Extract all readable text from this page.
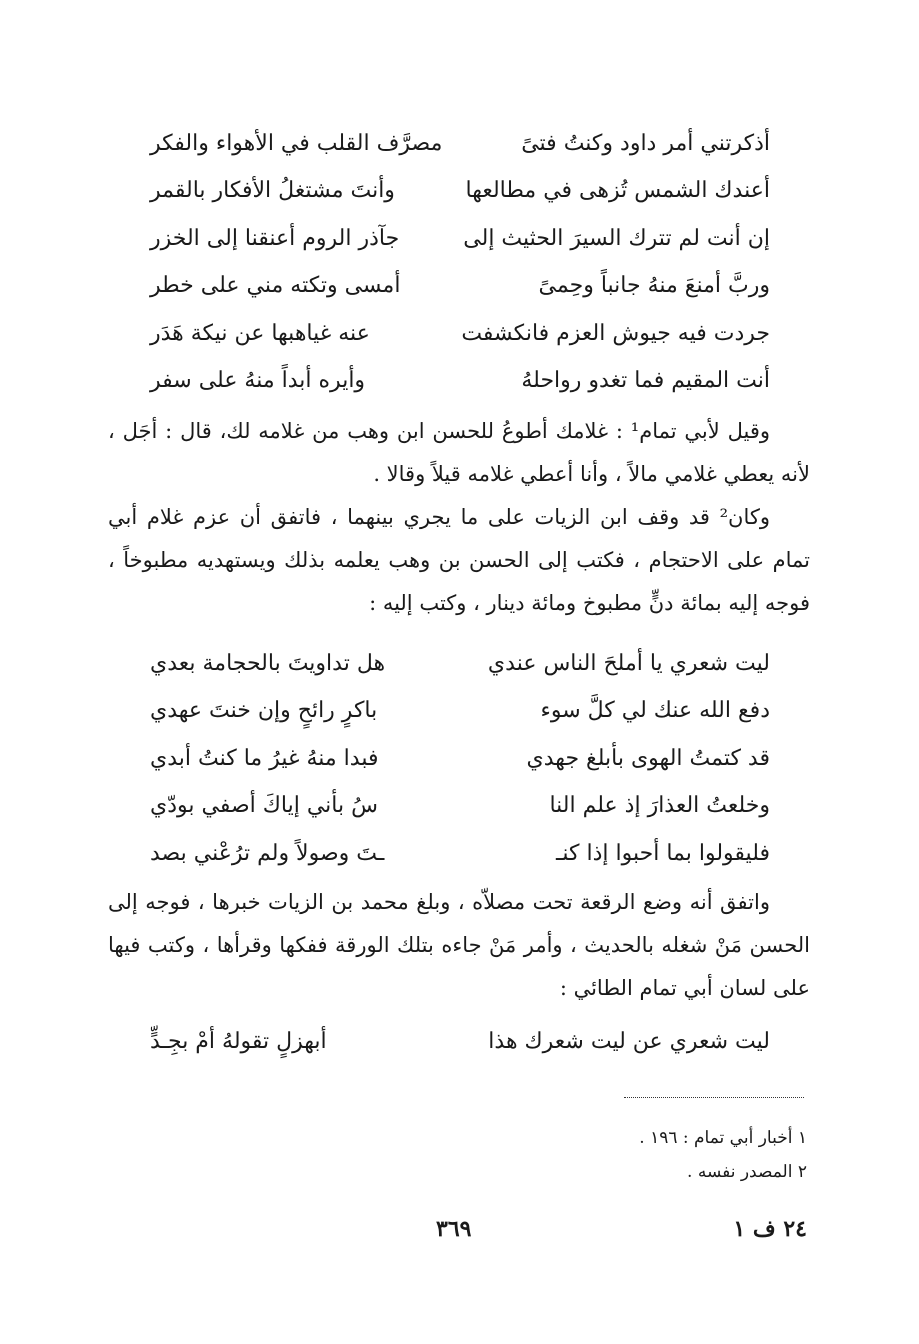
أذكرتني أمر داود وكنتُ فتىً
مصرَّف القلب في الأهواء والفكر
أعندك الشمس تُزهى في مطالعها
وأنتَ مشتغلُ الأفكار بالقمر
إن أنت لم تترك السيرَ الحثيث إلى
جآذر الروم أعنقنا إلى الخزر
وربَّ أمنعَ منهُ جانباً وحِمىً
أمسى وتكته مني على خطر
جردت فيه جيوش العزم فانكشفت
عنه غياهبها عن نيكة هَدَر
أنت المقيم فما تغدو رواحلهُ
وأيره أبداً منهُ على سفر

وقيل لأبي تمام¹ : غلامك أطوعُ للحسن ابن وهب من غلامه لك، قال : أجَل ، لأنه يعطي غلامي مالاً ، وأنا أعطي غلامه قيلاً وقالا .

وكان² قد وقف ابن الزيات على ما يجري بينهما ، فاتفق أن عزم غلام أبي تمام على الاحتجام ، فكتب إلى الحسن بن وهب يعلمه بذلك ويستهديه مطبوخاً ، فوجه إليه بمائة دنٍّ مطبوخ ومائة دينار ، وكتب إليه :

ليت شعري يا أملحَ الناس عندي
هل تداويتَ بالحجامة بعدي
دفع الله عنك لي كلَّ سوء
باكرٍ رائحٍ وإن خنتَ عهدي
قد كتمتُ الهوى بأبلغ جهدي
فبدا منهُ غيرُ ما كنتُ أبدي
وخلعتُ العذارَ إذ علم النا
سُ بأني إياكَ أصفي بودّي
فليقولوا بما أحبوا إذا كنـ
ـتَ وصولاً ولم ترُعْني بصد

واتفق أنه وضع الرقعة تحت مصلاّه ، وبلغ محمد بن الزيات خبرها ، فوجه إلى الحسن مَنْ شغله بالحديث ، وأمر مَنْ جاءه بتلك الورقة ففكها وقرأها ، وكتب فيها على لسان أبي تمام الطائي :

ليت شعري عن ليت شعرك هذا
أبهزلٍ تقولهُ أمْ بجِـدٍّ
١ أخبار أبي تمام : ١٩٦ .
٢ المصدر نفسه .
٢٤ ف ١
٣٦٩
